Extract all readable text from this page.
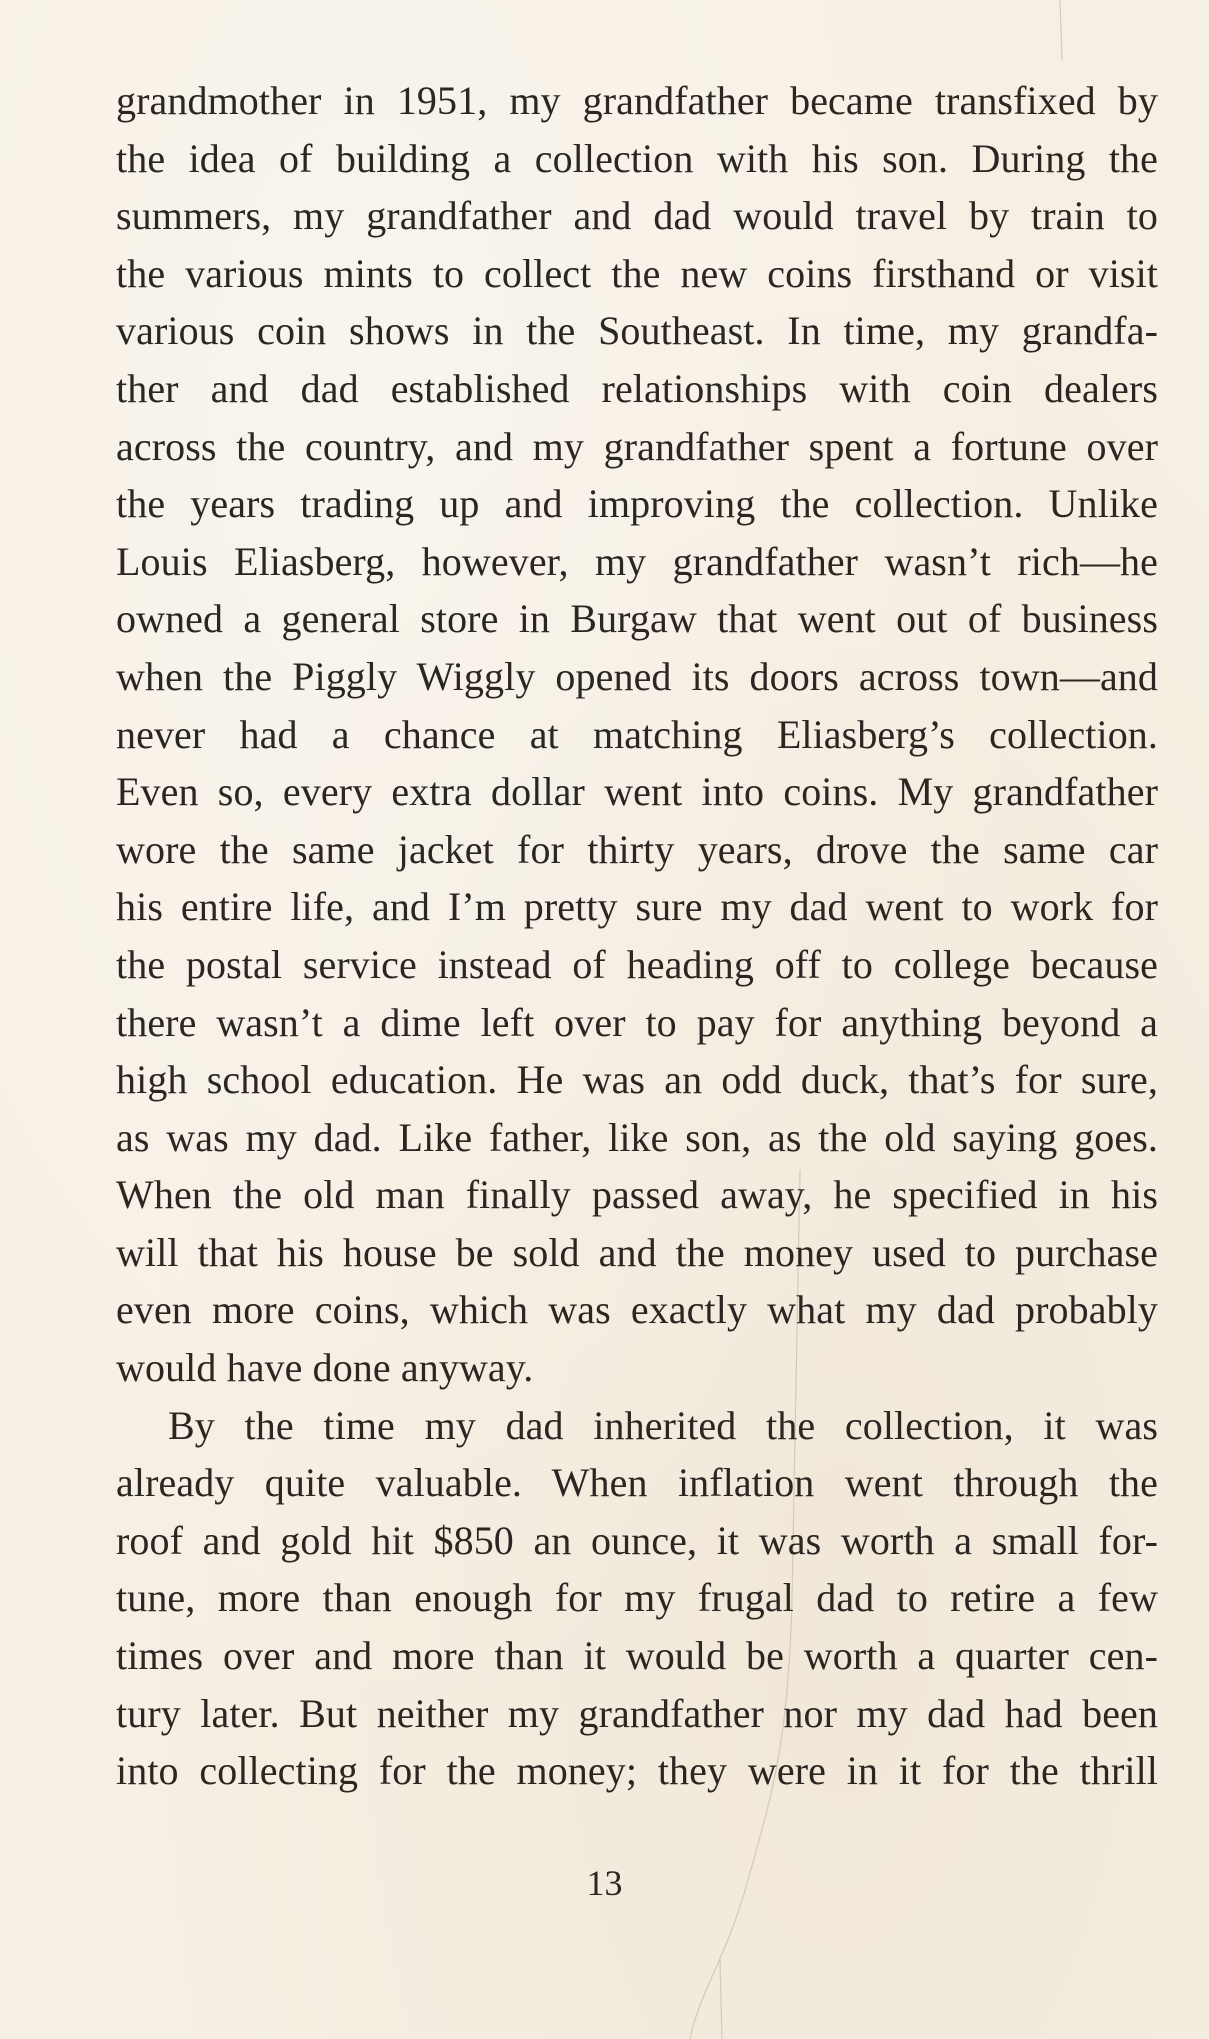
grandmother in 1951, my grandfather became transfixed by
the idea of building a collection with his son. During the
summers, my grandfather and dad would travel by train to
the various mints to collect the new coins firsthand or visit
various coin shows in the Southeast. In time, my grandfa-
ther and dad established relationships with coin dealers
across the country, and my grandfather spent a fortune over
the years trading up and improving the collection. Unlike
Louis Eliasberg, however, my grandfather wasn’t rich—he
owned a general store in Burgaw that went out of business
when the Piggly Wiggly opened its doors across town—and
never had a chance at matching Eliasberg’s collection.
Even so, every extra dollar went into coins. My grandfather
wore the same jacket for thirty years, drove the same car
his entire life, and I’m pretty sure my dad went to work for
the postal service instead of heading off to college because
there wasn’t a dime left over to pay for anything beyond a
high school education. He was an odd duck, that’s for sure,
as was my dad. Like father, like son, as the old saying goes.
When the old man finally passed away, he specified in his
will that his house be sold and the money used to purchase
even more coins, which was exactly what my dad probably
would have done anyway.
By the time my dad inherited the collection, it was
already quite valuable. When inflation went through the
roof and gold hit $850 an ounce, it was worth a small for-
tune, more than enough for my frugal dad to retire a few
times over and more than it would be worth a quarter cen-
tury later. But neither my grandfather nor my dad had been
into collecting for the money; they were in it for the thrill
13
